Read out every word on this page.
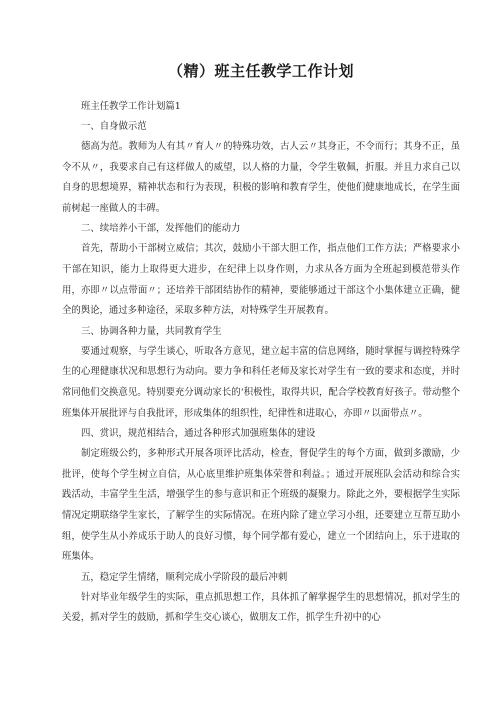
（精）班主任教学工作计划

班主任教学工作计划篇1

一、自身做示范

德高为范。教师为人有其〃育人〃的特殊功效，古人云〃其身正，不令而行；其身不正，虽令不从〃，我要求自己有这样做人的威望，以人格的力量，令学生敬佩，折服。并且力求自己以自身的思想境界，精神状态和行为表现，积极的影响和教育学生，使他们健康地成长，在学生面前树起一座做人的丰碑。

二、续培养小干部，发挥他们的能动力

首先，帮助小干部树立威信；其次，鼓励小干部大胆工作，指点他们工作方法；严格要求小干部在知识，能力上取得更大进步，在纪律上以身作则，力求从各方面为全班起到模范带头作用，亦即〃以点带面〃；还培养干部团结协作的精神，要能够通过干部这个小集体建立正确，健全的舆论，通过多种途径，采取多种方法，对特殊学生开展教育。

三、协调各种力量，共同教育学生

要通过观察，与学生谈心，听取各方意见，建立起丰富的信息网络，随时掌握与调控特殊学生的心理健康状况和思想行为动向。要力争和科任老师及家长对学生有一致的要求和态度，并时常同他们交换意见。特别要充分调动家长的‘积极性，取得共识，配合学校教育好孩子。带动整个班集体开展批评与自我批评，形成集体的组织性，纪律性和进取心，亦即〃以面带点〃。

四、赏识，规范相结合，通过各种形式加强班集体的建设

制定班级公约，多种形式开展各项评比活动，检查，督促学生的每个方面，做到多激励，少批评，使每个学生树立自信，从心底里维护班集体荣誉和利益。；通过开展班队会活动和综合实践活动，丰富学生生活，增强学生的参与意识和正个班级的凝聚力。除此之外，要根据学生实际情况定期联络学生家长，了解学生的实际情况。在班内除了建立学习小组，还要建立互帮互助小组，使学生从小养成乐于助人的良好习惯，每个同学都有爱心，建立一个团结向上，乐于进取的班集体。

五，稳定学生情绪，顺利完成小学阶段的最后冲刺

针对毕业年级学生的实际，重点抓思想工作，具体抓了解掌握学生的思想情况，抓对学生的关爱，抓对学生的鼓励，抓和学生交心谈心，做朋友工作，抓学生升初中的心
